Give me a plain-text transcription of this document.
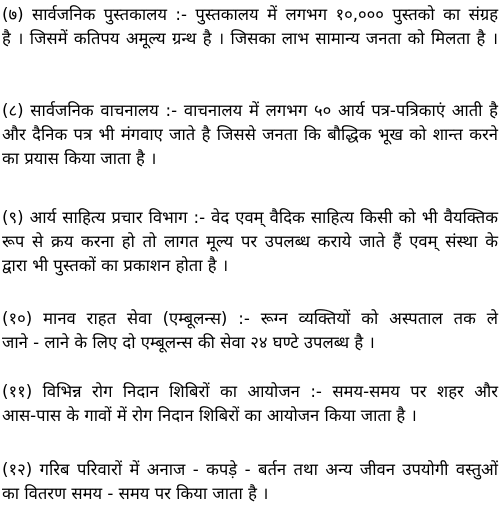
(७) सार्वजनिक पुस्तकालय :- पुस्तकालय में लगभग १०,००० पुस्तको का संग्रह
है । जिसमें कतिपय अमूल्य ग्रन्थ है । जिसका लाभ सामान्य जनता को मिलता है ।
(८) सार्वजनिक वाचनालय :- वाचनालय में लगभग ५० आर्य पत्र-पत्रिकाएं आती है
और दैनिक पत्र भी मंगवाए जाते है जिससे जनता कि बौद्धिक भूख को शान्त करने
का प्रयास किया जाता है ।
(९) आर्य साहित्य प्रचार विभाग :- वेद एवम् वैदिक साहित्य किसी को भी वैयक्तिक
रूप से क्रय करना हो तो लागत मूल्य पर उपलब्ध कराये जाते हैं एवम् संस्था के
द्वारा भी पुस्तकों का प्रकाशन होता है ।
(१०) मानव राहत सेवा (एम्बूलन्स) :- रूग्न व्यक्तियों को अस्पताल तक ले
जाने - लाने के लिए दो एम्बूलन्स की सेवा २४ घण्टे उपलब्ध है ।
(११) विभिन्न रोग निदान शिबिरों का आयोजन :- समय-समय पर शहर और
आस-पास के गावों में रोग निदान शिबिरों का आयोजन किया जाता है ।
(१२) गरिब परिवारों में अनाज - कपड़े - बर्तन तथा अन्य जीवन उपयोगी वस्तुओं
का वितरण समय - समय पर किया जाता है ।
